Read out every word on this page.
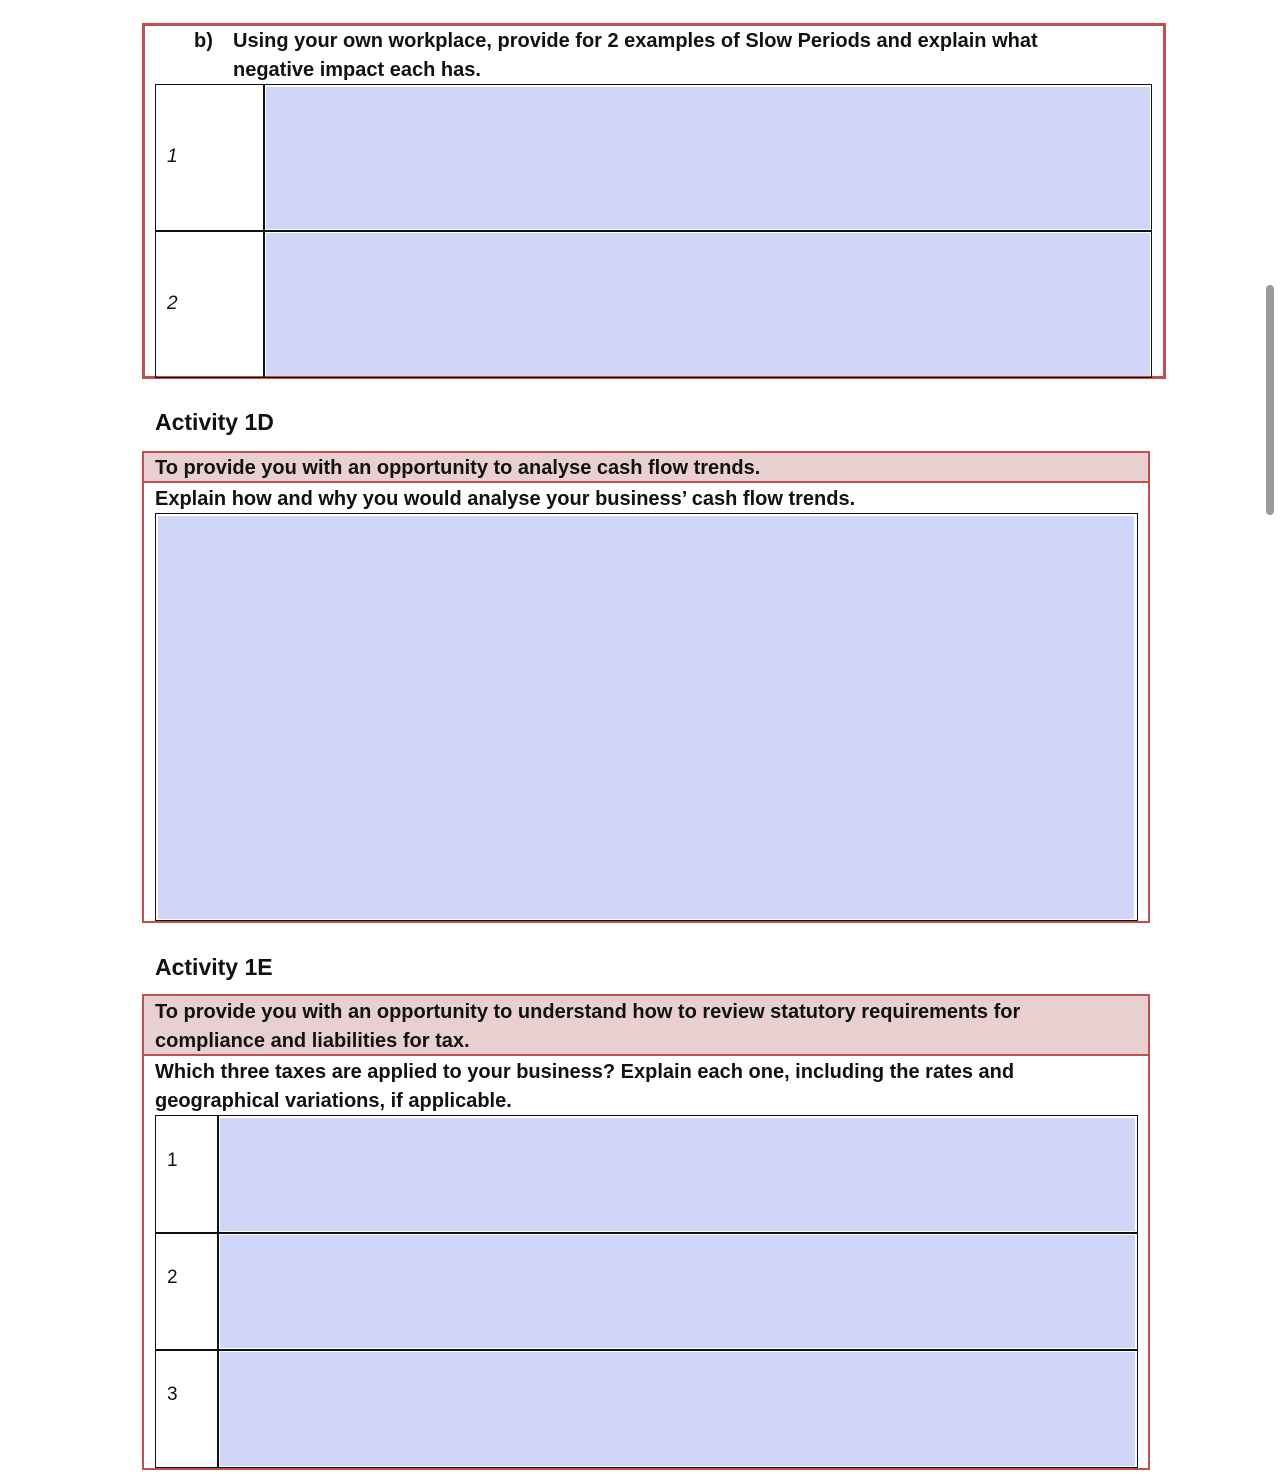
b) Using your own workplace, provide for 2 examples of Slow Periods and explain what
negative impact each has.
1
2
Activity 1D
To provide you with an opportunity to analyse cash flow trends.
Explain how and why you would analyse your business’ cash flow trends.
Activity 1E
To provide you with an opportunity to understand how to review statutory requirements for
compliance and liabilities for tax.
Which three taxes are applied to your business? Explain each one, including the rates and
geographical variations, if applicable.
1
2
3
